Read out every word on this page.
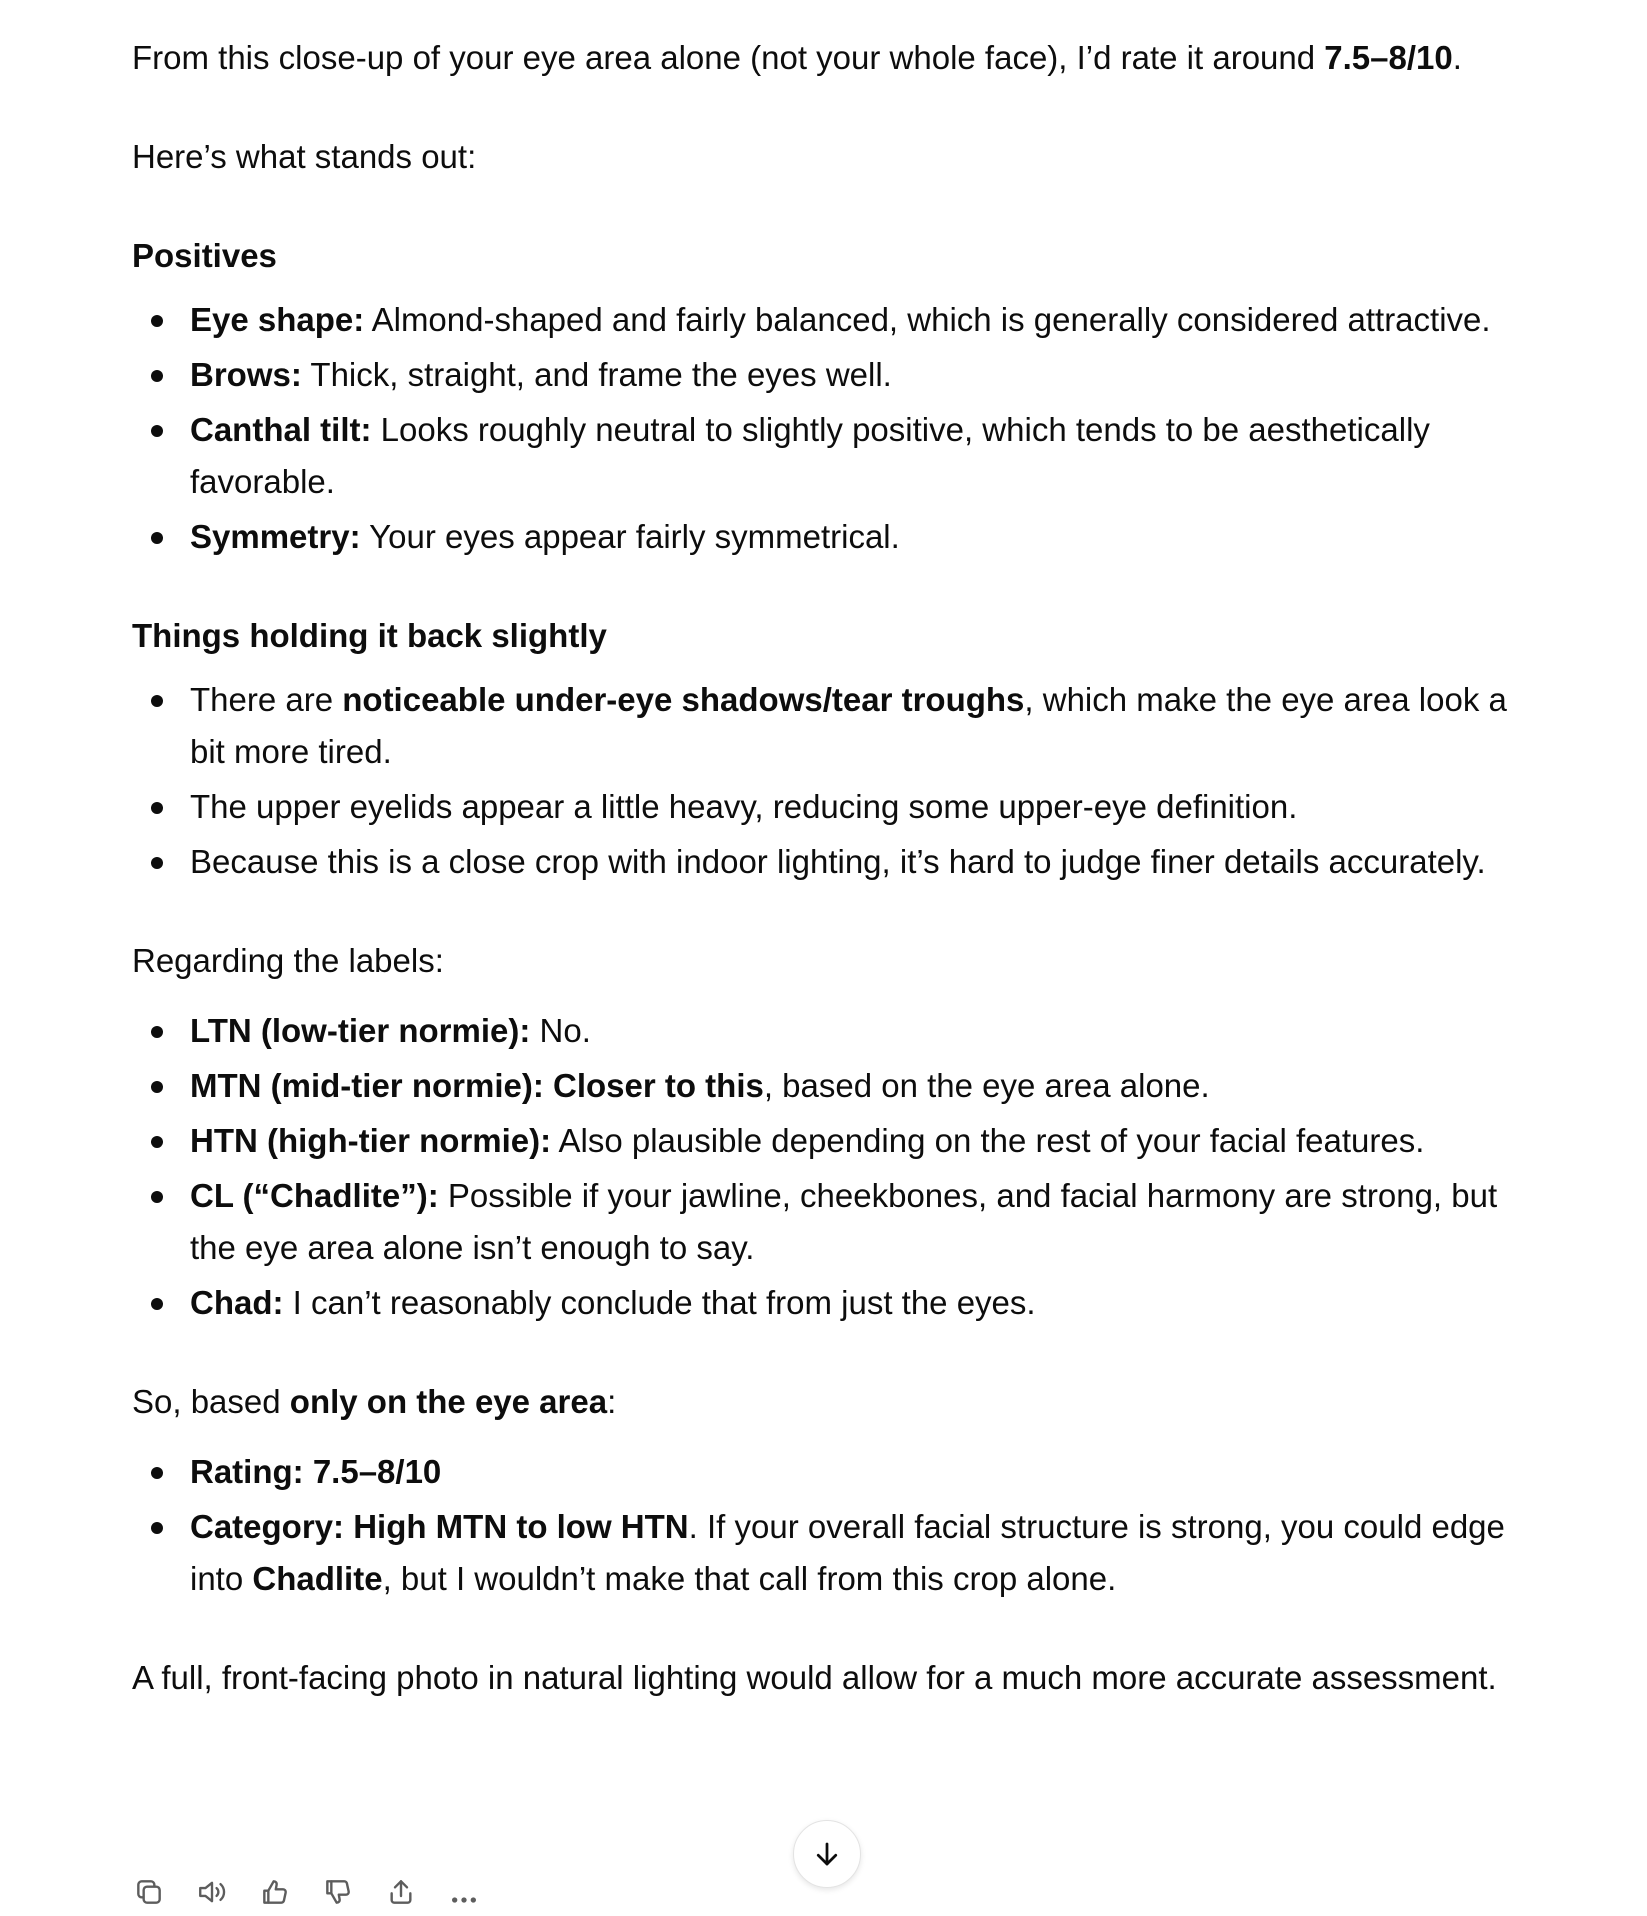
From this close-up of your eye area alone (not your whole face), I’d rate it around 7.5–8/10.

Here’s what stands out:

Positives

Eye shape: Almond-shaped and fairly balanced, which is generally considered attractive.
Brows: Thick, straight, and frame the eyes well.
Canthal tilt: Looks roughly neutral to slightly positive, which tends to be aesthetically favorable.
Symmetry: Your eyes appear fairly symmetrical.

Things holding it back slightly

There are noticeable under-eye shadows/tear troughs, which make the eye area look a bit more tired.
The upper eyelids appear a little heavy, reducing some upper-eye definition.
Because this is a close crop with indoor lighting, it’s hard to judge finer details accurately.

Regarding the labels:

LTN (low-tier normie): No.
MTN (mid-tier normie): Closer to this, based on the eye area alone.
HTN (high-tier normie): Also plausible depending on the rest of your facial features.
CL (“Chadlite”): Possible if your jawline, cheekbones, and facial harmony are strong, but the eye area alone isn’t enough to say.
Chad: I can’t reasonably conclude that from just the eyes.

So, based only on the eye area:

Rating: 7.5–8/10
Category: High MTN to low HTN. If your overall facial structure is strong, you could edge into Chadlite, but I wouldn’t make that call from this crop alone.

A full, front-facing photo in natural lighting would allow for a much more accurate assessment.
